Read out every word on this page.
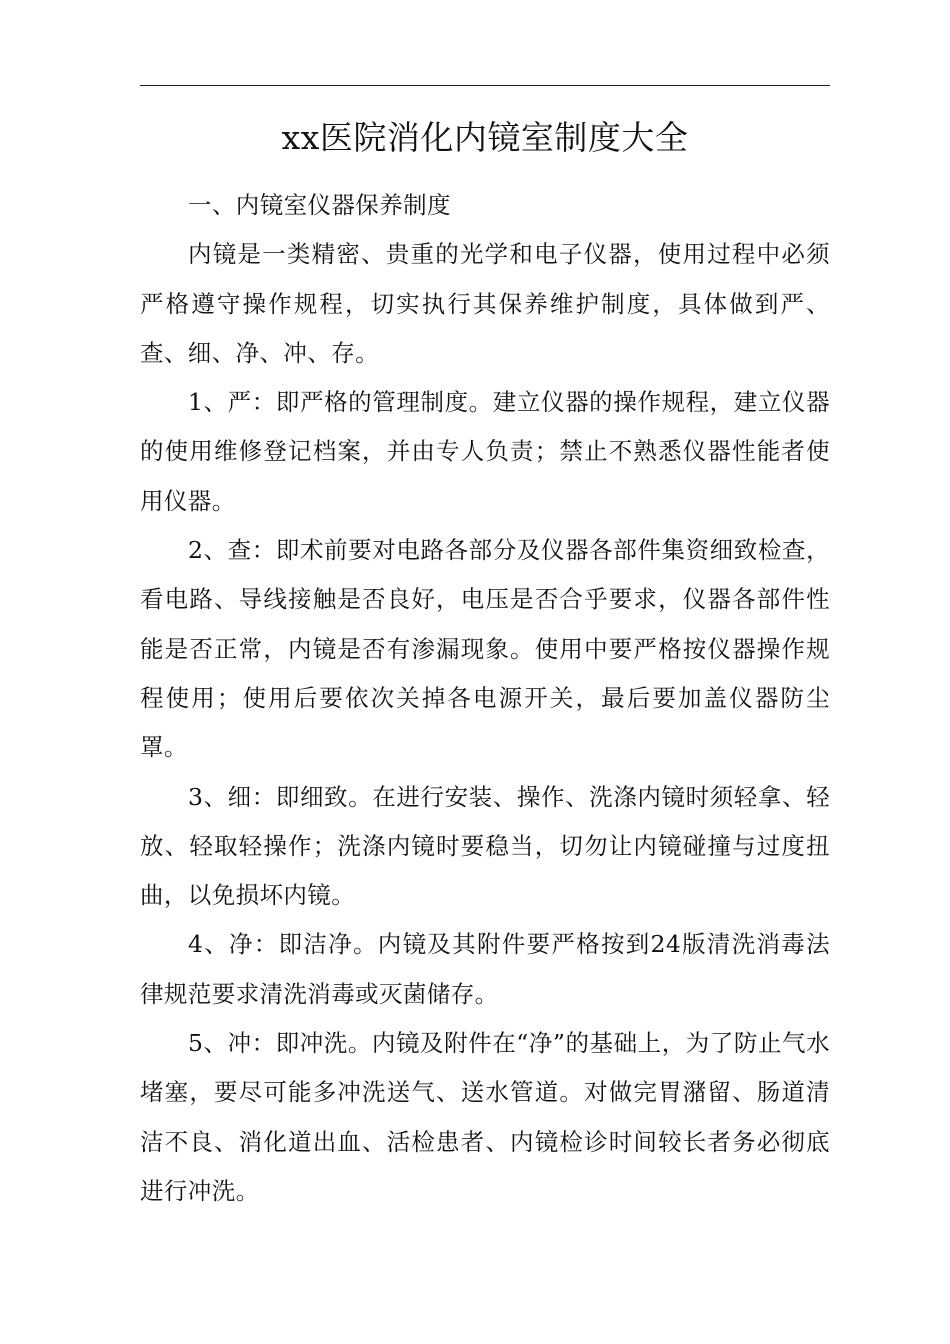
xx医院消化内镜室制度大全

一、内镜室仪器保养制度

内镜是一类精密、贵重的光学和电子仪器，使用过程中必须严格遵守操作规程，切实执行其保养维护制度，具体做到严、查、细、净、冲、存。

1、严：即严格的管理制度。建立仪器的操作规程，建立仪器的使用维修登记档案，并由专人负责；禁止不熟悉仪器性能者使用仪器。

2、查：即术前要对电路各部分及仪器各部件集资细致检查，看电路、导线接触是否良好，电压是否合乎要求，仪器各部件性能是否正常，内镜是否有渗漏现象。使用中要严格按仪器操作规程使用；使用后要依次关掉各电源开关，最后要加盖仪器防尘罩。

3、细：即细致。在进行安装、操作、洗涤内镜时须轻拿、轻放、轻取轻操作；洗涤内镜时要稳当，切勿让内镜碰撞与过度扭曲，以免损坏内镜。

4、净：即洁净。内镜及其附件要严格按到24版清洗消毒法律规范要求清洗消毒或灭菌储存。

5、冲：即冲洗。内镜及附件在“净”的基础上，为了防止气水堵塞，要尽可能多冲洗送气、送水管道。对做完胃潴留、肠道清洁不良、消化道出血、活检患者、内镜检诊时间较长者务必彻底进行冲洗。
